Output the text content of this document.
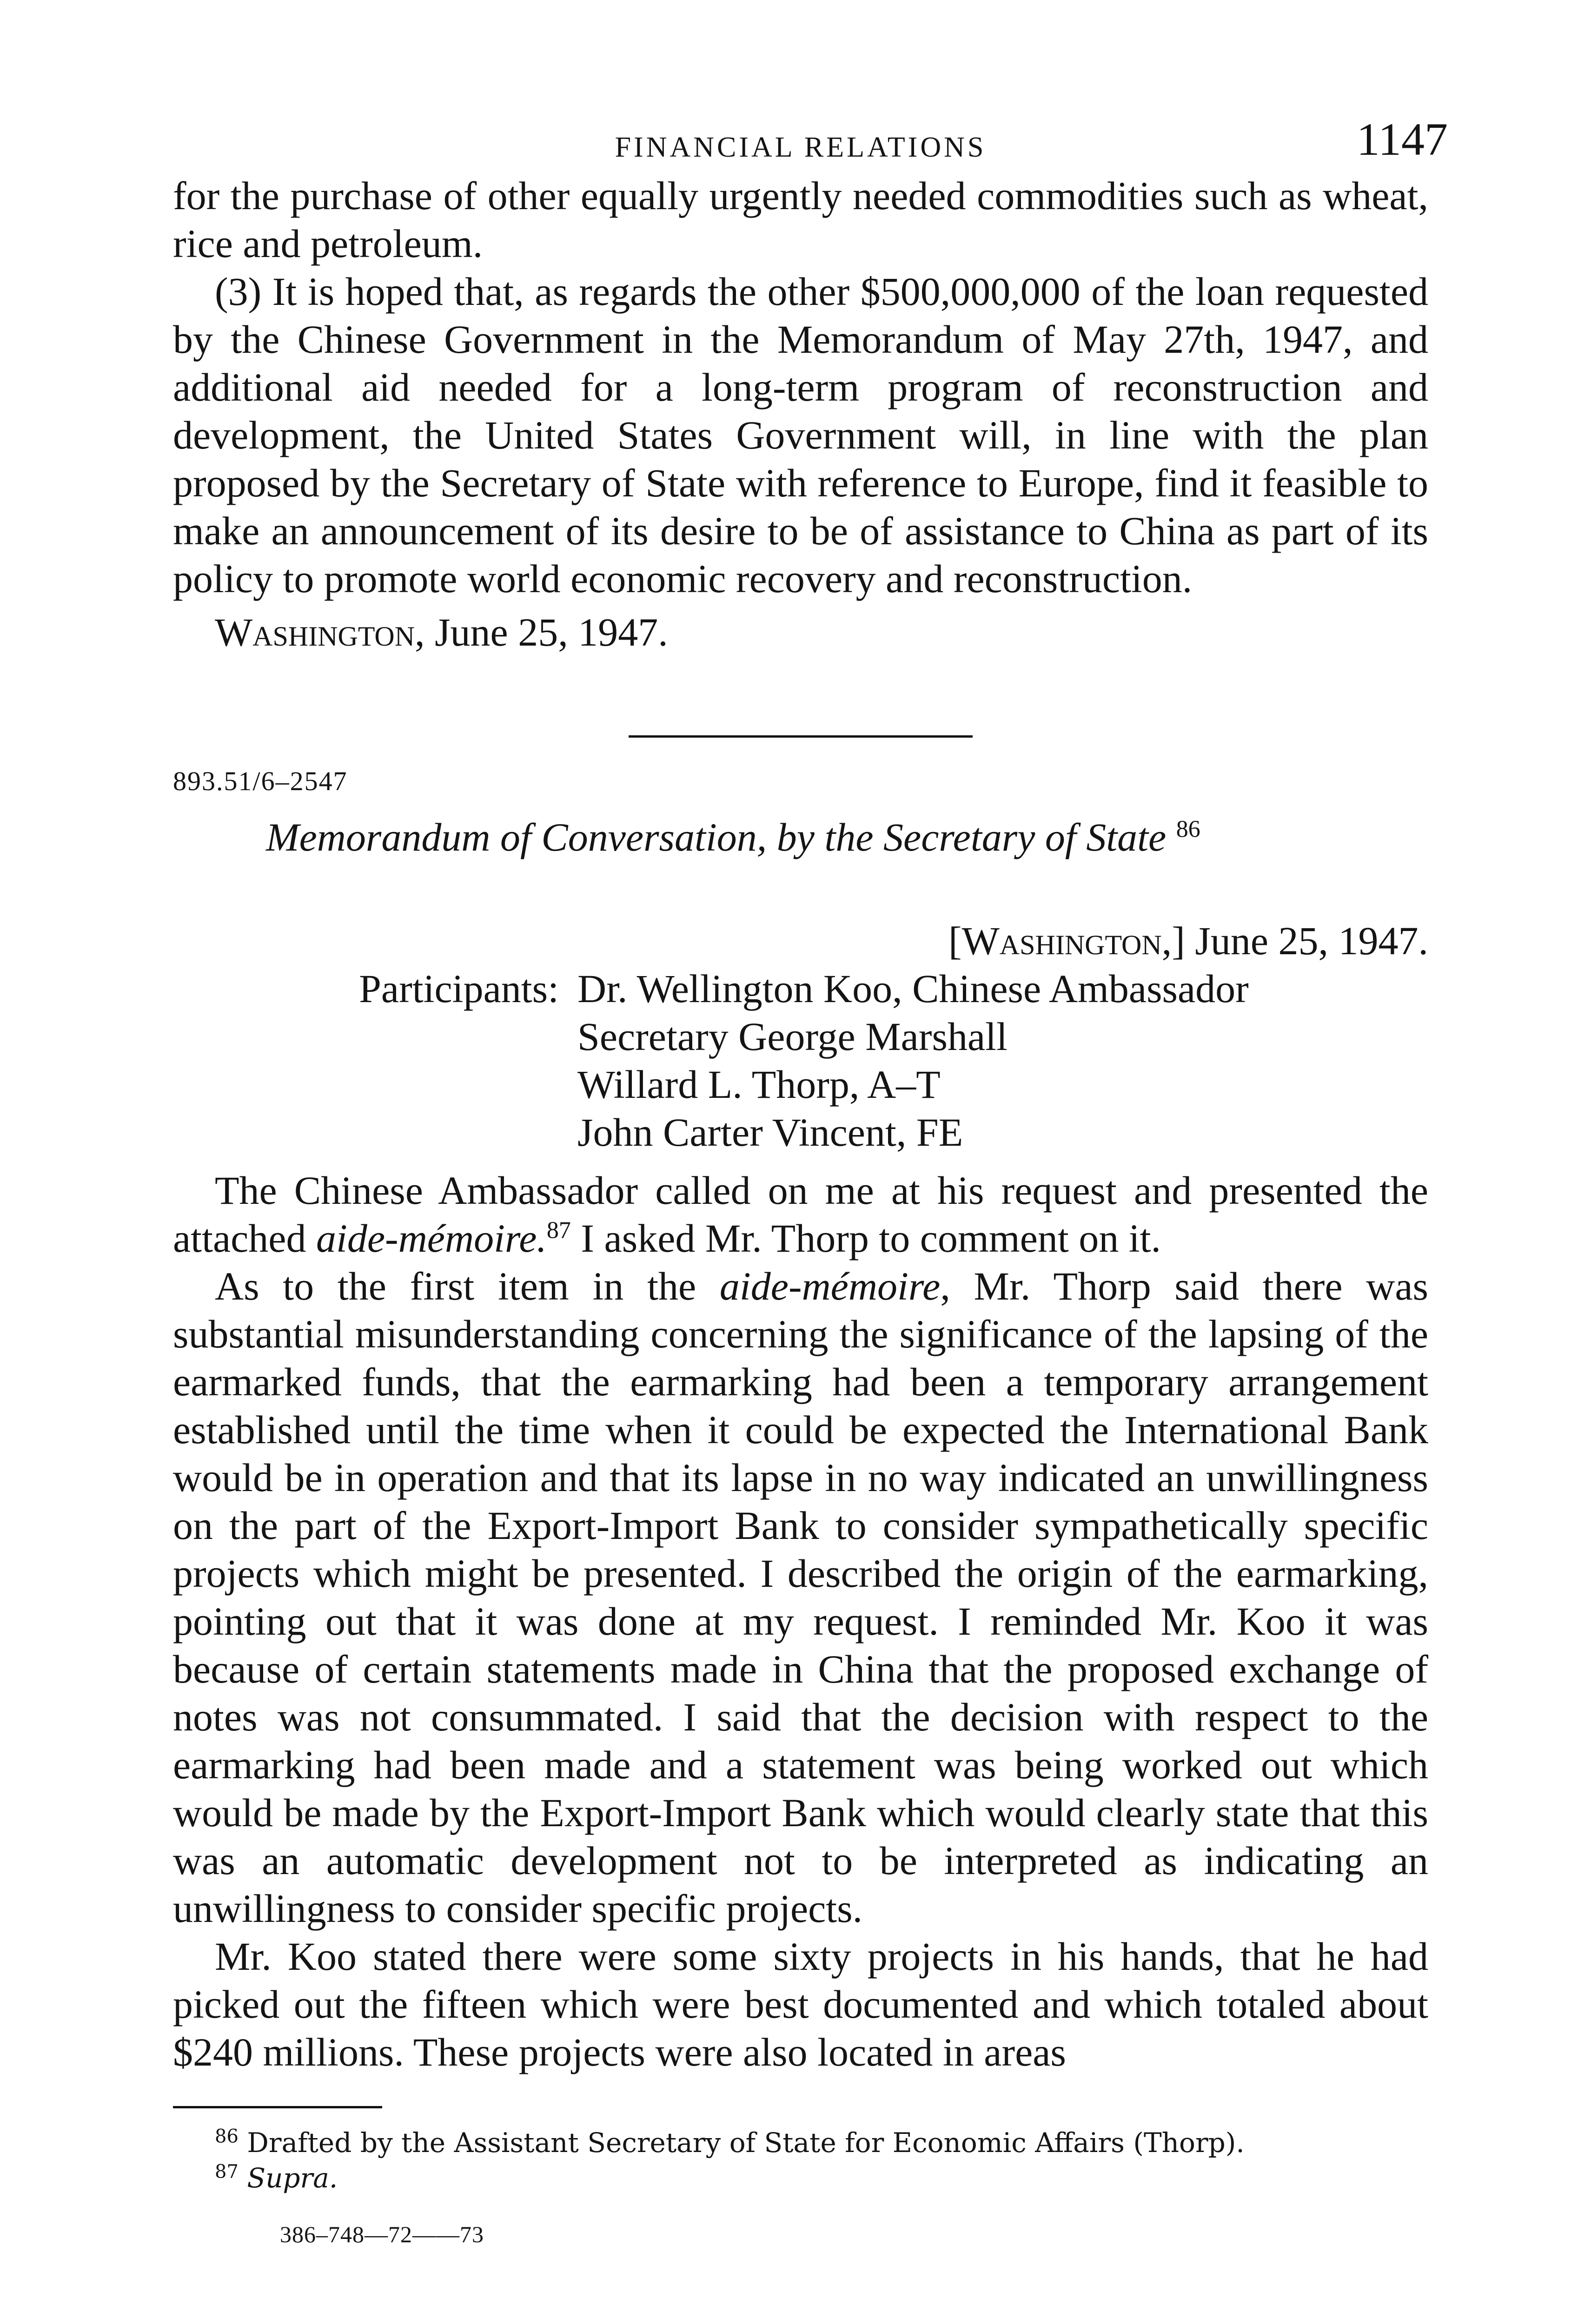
FINANCIAL RELATIONS	1147

for the purchase of other equally urgently needed commodities such as wheat, rice and petroleum.

(3) It is hoped that, as regards the other $500,000,000 of the loan requested by the Chinese Government in the Memorandum of May 27th, 1947, and additional aid needed for a long-term program of reconstruction and development, the United States Government will, in line with the plan proposed by the Secretary of State with reference to Europe, find it feasible to make an announcement of its desire to be of assistance to China as part of its policy to promote world economic recovery and reconstruction.

Washington, June 25, 1947.
893.51/6–2547
Memorandum of Conversation, by the Secretary of State $^{86}$
[Washington,] June 25, 1947.
Participants: Dr. Wellington Koo, Chinese Ambassador
Secretary George Marshall
Willard L. Thorp, A–T
John Carter Vincent, FE

The Chinese Ambassador called on me at his request and presented the attached aide-mémoire.$^{87}$ I asked Mr. Thorp to comment on it.

As to the first item in the aide-mémoire, Mr. Thorp said there was substantial misunderstanding concerning the significance of the lapsing of the earmarked funds, that the earmarking had been a temporary arrangement established until the time when it could be expected the International Bank would be in operation and that its lapse in no way indicated an unwillingness on the part of the Export-Import Bank to consider sympathetically specific projects which might be presented. I described the origin of the earmarking, pointing out that it was done at my request. I reminded Mr. Koo it was because of certain statements made in China that the proposed exchange of notes was not consummated. I said that the decision with respect to the earmarking had been made and a statement was being worked out which would be made by the Export-Import Bank which would clearly state that this was an automatic development not to be interpreted as indicating an unwillingness to consider specific projects.

Mr. Koo stated there were some sixty projects in his hands, that he had picked out the fifteen which were best documented and which totaled about $240 millions. These projects were also located in areas

$^{86}$ Drafted by the Assistant Secretary of State for Economic Affairs (Thorp).
$^{87}$ Supra.
386–748—72——73
